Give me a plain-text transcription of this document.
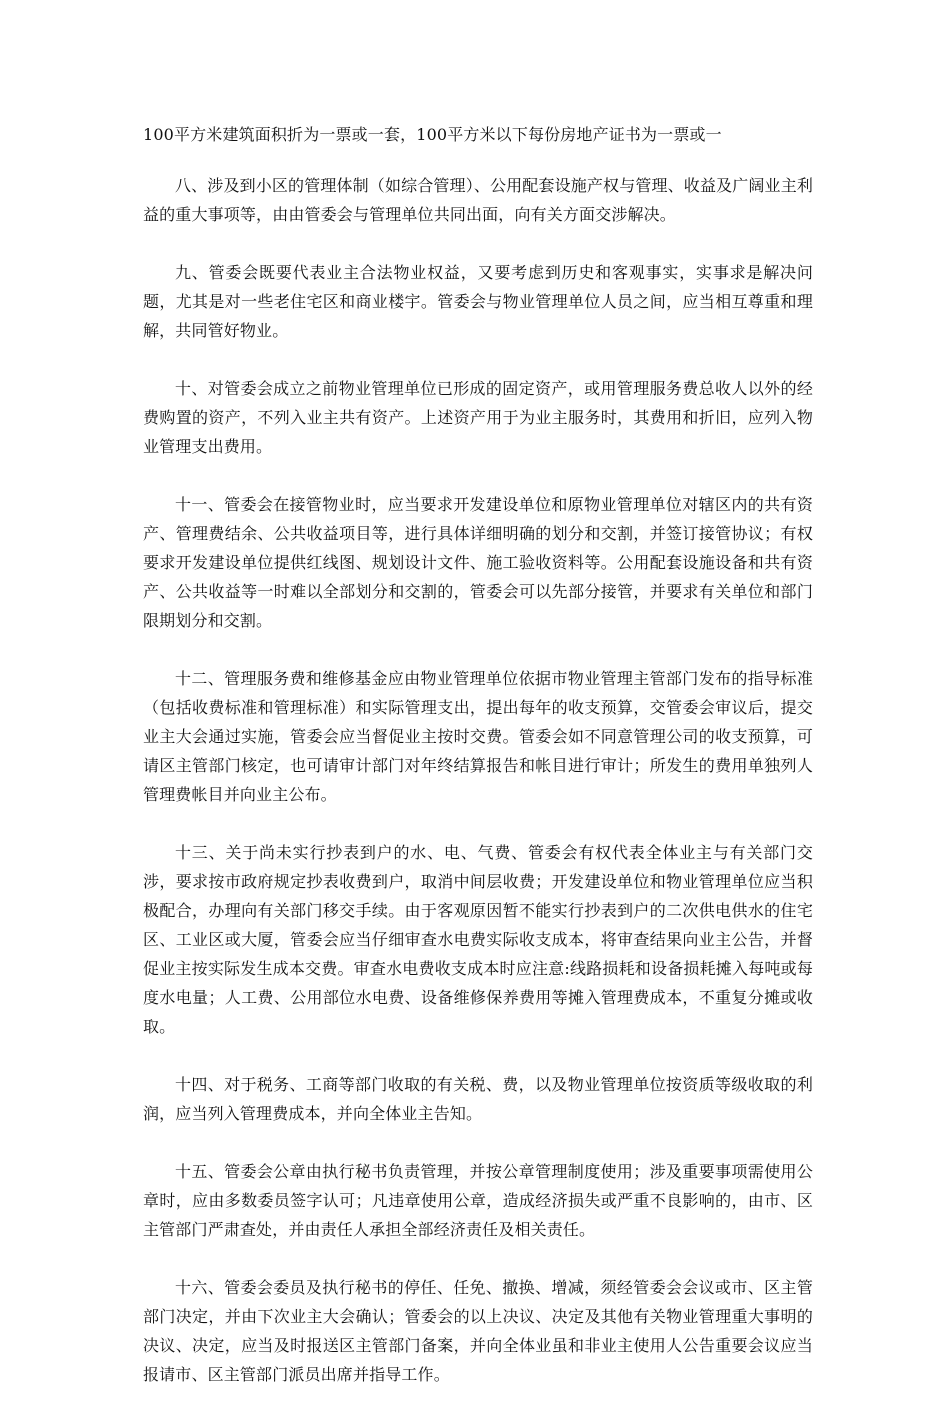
100平方米建筑面积折为一票或一套，100平方米以下每份房地产证书为一票或一

八、涉及到小区的管理体制（如综合管理）、公用配套设施产权与管理、收益及广阔业主利益的重大事项等，由由管委会与管理单位共同出面，向有关方面交涉解决。

九、管委会既要代表业主合法物业权益，又要考虑到历史和客观事实，实事求是解决问题，尤其是对一些老住宅区和商业楼宇。管委会与物业管理单位人员之间，应当相互尊重和理解，共同管好物业。

十、对管委会成立之前物业管理单位已形成的固定资产，或用管理服务费总收人以外的经费购置的资产，不列入业主共有资产。上述资产用于为业主服务时，其费用和折旧，应列入物业管理支出费用。

十一、管委会在接管物业时，应当要求开发建设单位和原物业管理单位对辖区内的共有资产、管理费结余、公共收益项目等，进行具体详细明确的划分和交割，并签订接管协议；有权要求开发建设单位提供红线图、规划设计文件、施工验收资料等。公用配套设施设备和共有资产、公共收益等一时难以全部划分和交割的，管委会可以先部分接管，并要求有关单位和部门限期划分和交割。

十二、管理服务费和维修基金应由物业管理单位依据市物业管理主管部门发布的指导标准（包括收费标准和管理标准）和实际管理支出，提出每年的收支预算，交管委会审议后，提交业主大会通过实施，管委会应当督促业主按时交费。管委会如不同意管理公司的收支预算，可请区主管部门核定，也可请审计部门对年终结算报告和帐目进行审计；所发生的费用单独列人管理费帐目并向业主公布。

十三、关于尚未实行抄表到户的水、电、气费、管委会有权代表全体业主与有关部门交涉，要求按市政府规定抄表收费到户，取消中间层收费；开发建设单位和物业管理单位应当积极配合，办理向有关部门移交手续。由于客观原因暂不能实行抄表到户的二次供电供水的住宅区、工业区或大厦，管委会应当仔细审查水电费实际收支成本，将审查结果向业主公告，并督促业主按实际发生成本交费。审查水电费收支成本时应注意:线路损耗和设备损耗摊入每吨或每度水电量；人工费、公用部位水电费、设备维修保养费用等摊入管理费成本，不重复分摊或收取。

十四、对于税务、工商等部门收取的有关税、费，以及物业管理单位按资质等级收取的利润，应当列入管理费成本，并向全体业主告知。

十五、管委会公章由执行秘书负责管理，并按公章管理制度使用；涉及重要事项需使用公章时，应由多数委员签字认可；凡违章使用公章，造成经济损失或严重不良影响的，由市、区主管部门严肃查处，并由责任人承担全部经济责任及相关责任。

十六、管委会委员及执行秘书的停任、任免、撤换、增减，须经管委会会议或市、区主管部门决定，并由下次业主大会确认；管委会的以上决议、决定及其他有关物业管理重大事明的决议、决定，应当及时报送区主管部门备案，并向全体业虽和非业主使用人公告重要会议应当报请市、区主管部门派员出席并指导工作。
